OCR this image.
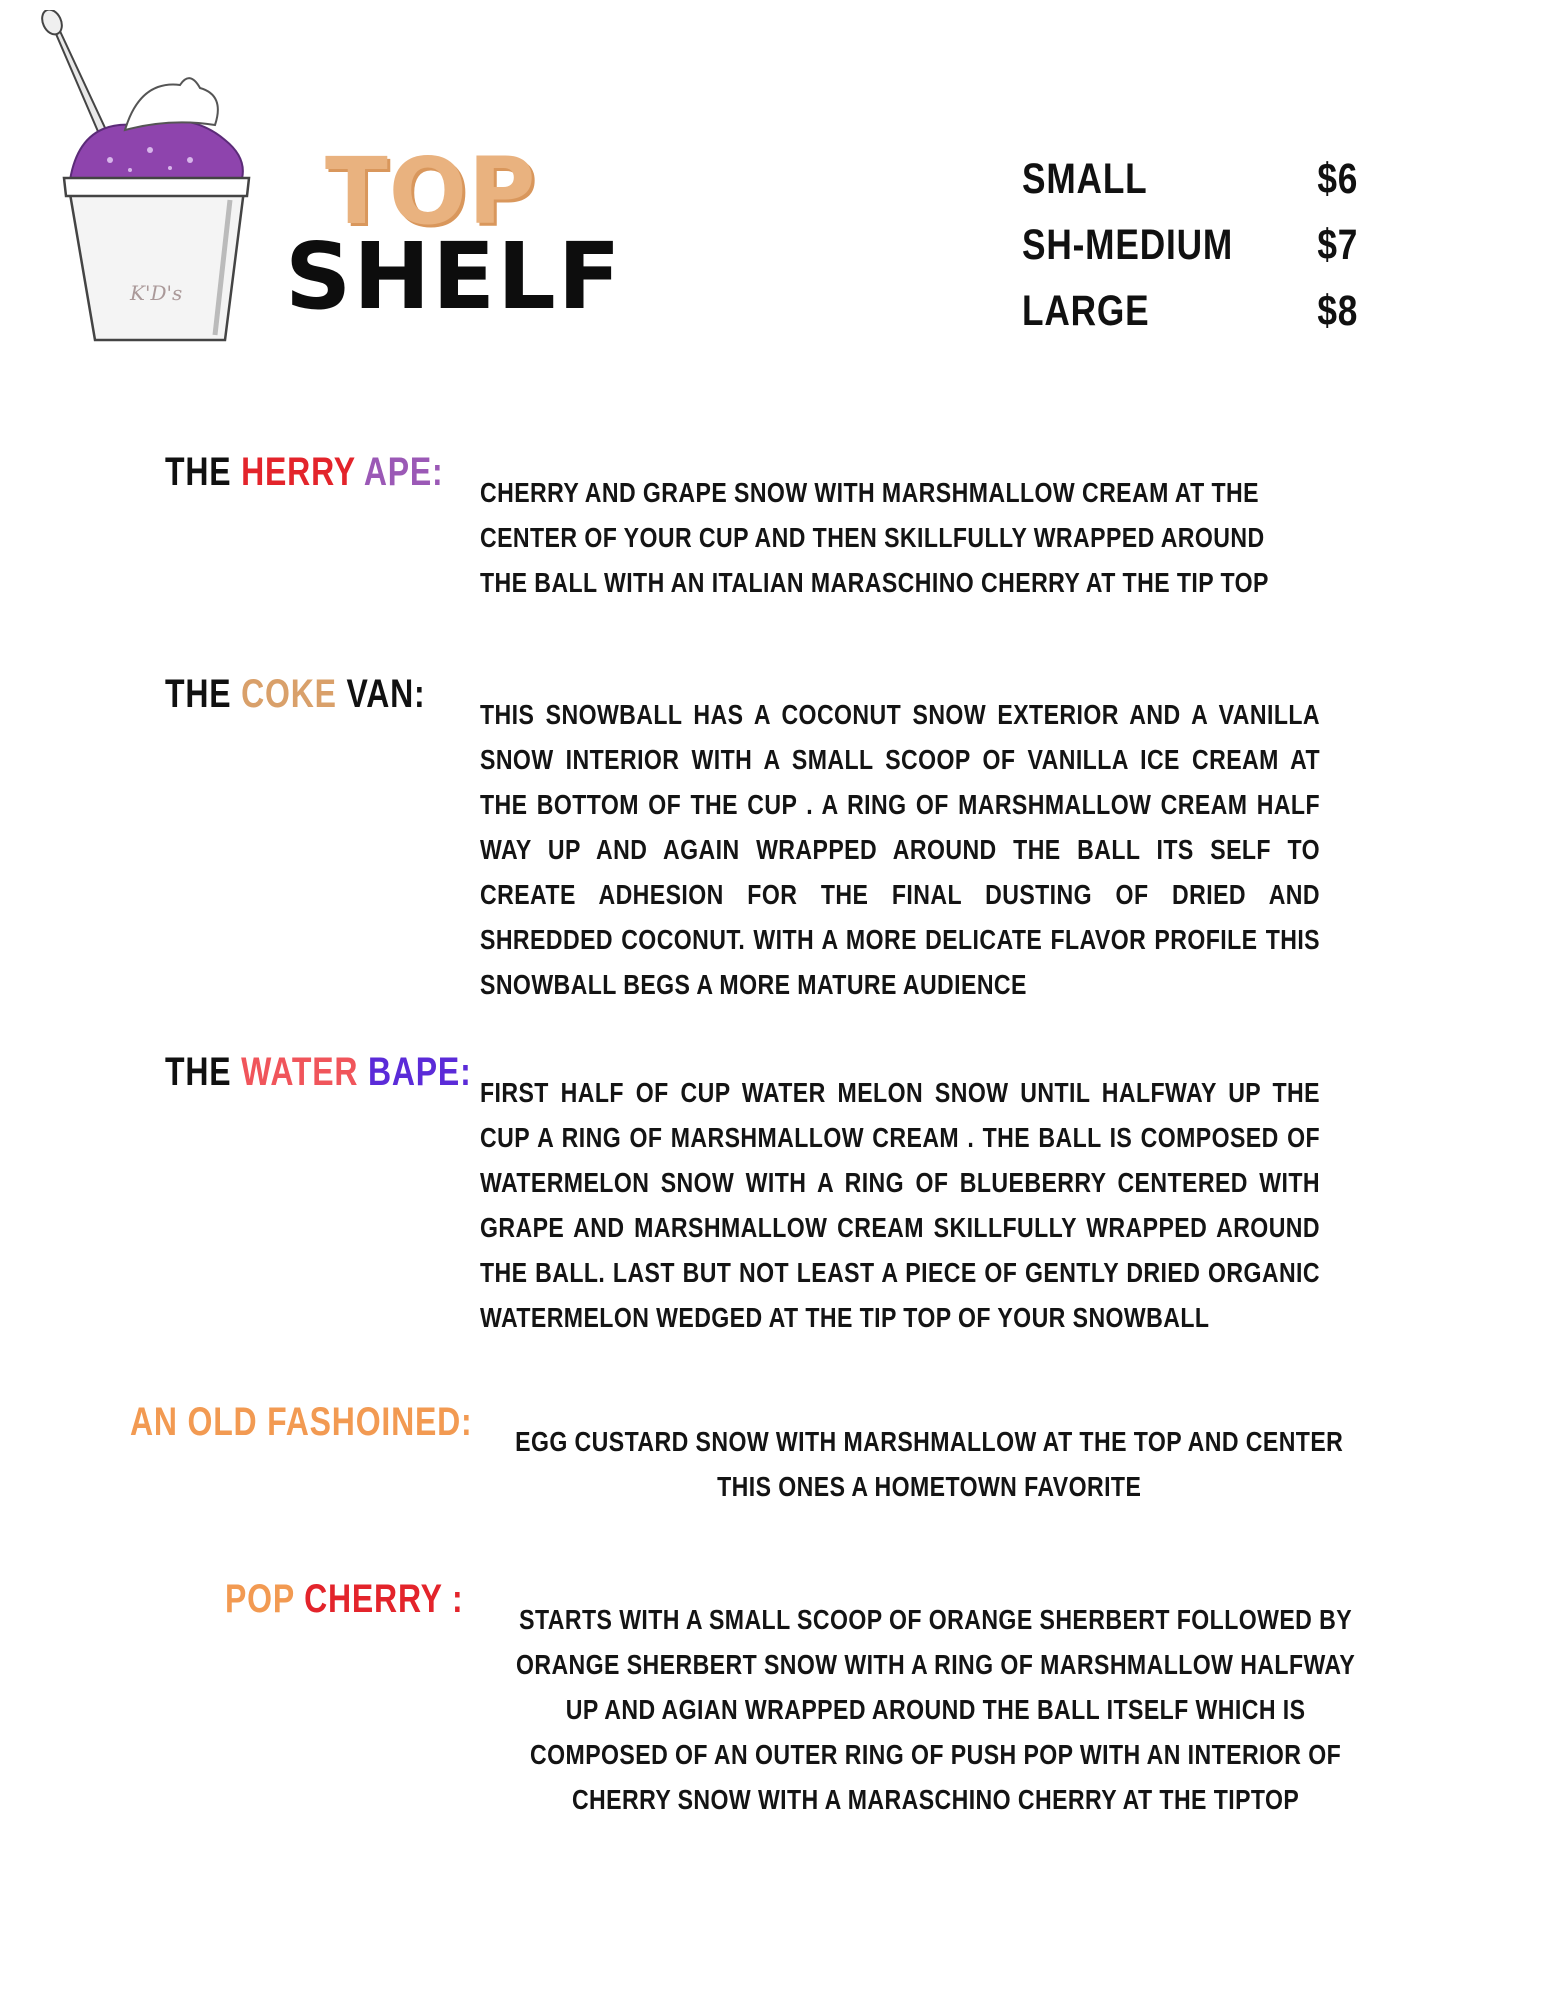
K'D's
TOP
SHELF
SMALL	$6
SH-MEDIUM $7
LARGE	$8
THE HERRY APE: CHERRY AND GRAPE SNOW WITH MARSHMALLOW CREAM AT THE CENTER OF YOUR CUP AND THEN SKILLFULLY WRAPPED AROUND THE BALL WITH AN ITALIAN MARASCHINO CHERRY AT THE TIP TOP
THE COKE VAN: THIS SNOWBALL HAS A COCONUT SNOW EXTERIOR AND A VANILLA SNOW INTERIOR WITH A SMALL SCOOP OF VANILLA ICE CREAM AT THE BOTTOM OF THE CUP . A RING OF MARSHMALLOW CREAM HALF WAY UP AND AGAIN WRAPPED AROUND THE BALL ITS SELF TO CREATE ADHESION FOR THE FINAL DUSTING OF DRIED AND SHREDDED COCONUT. WITH A MORE DELICATE FLAVOR PROFILE THIS SNOWBALL BEGS A MORE MATURE AUDIENCE
THE WATER BAPE: FIRST HALF OF CUP WATER MELON SNOW UNTIL HALFWAY UP THE CUP A RING OF MARSHMALLOW CREAM . THE BALL IS COMPOSED OF WATERMELON SNOW WITH A RING OF BLUEBERRY CENTERED WITH GRAPE AND MARSHMALLOW CREAM SKILLFULLY WRAPPED AROUND THE BALL. LAST BUT NOT LEAST A PIECE OF GENTLY DRIED ORGANIC WATERMELON WEDGED AT THE TIP TOP OF YOUR SNOWBALL
AN OLD FASHOINED:	EGG CUSTARD SNOW WITH MARSHMALLOW AT THE TOP AND CENTER THIS ONES A HOMETOWN FAVORITE
POP CHERRY :	STARTS WITH A SMALL SCOOP OF ORANGE SHERBERT FOLLOWED BY ORANGE SHERBERT SNOW WITH A RING OF MARSHMALLOW HALFWAY UP AND AGIAN WRAPPED AROUND THE BALL ITSELF WHICH IS COMPOSED OF AN OUTER RING OF PUSH POP WITH AN INTERIOR OF CHERRY SNOW WITH A MARASCHINO CHERRY AT THE TIPTOP
